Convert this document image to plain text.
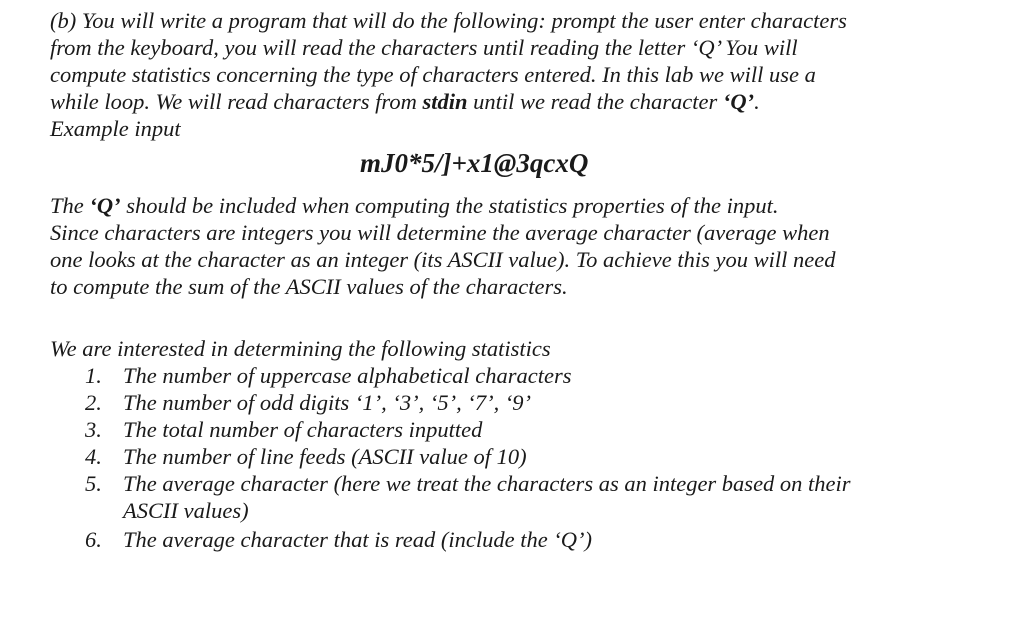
(b) You will write a program that will do the following: prompt the user enter characters
from the keyboard, you will read the characters until reading the letter ‘Q’ You will
compute statistics concerning the type of characters entered. In this lab we will use a
while loop. We will read characters from stdin until we read the character ‘Q’.
Example input
mJ0*5/]+x1@3qcxQ
The ‘Q’ should be included when computing the statistics properties of the input.
Since characters are integers you will determine the average character (average when
one looks at the character as an integer (its ASCII value). To achieve this you will need
to compute the sum of the ASCII values of the characters.
We are interested in determining the following statistics
1. The number of uppercase alphabetical characters
2. The number of odd digits ‘1’, ‘3’, ‘5’, ‘7’, ‘9’
3. The total number of characters inputted
4. The number of line feeds (ASCII value of 10)
5. The average character (here we treat the characters as an integer based on their
ASCII values)
6. The average character that is read (include the ‘Q’)
